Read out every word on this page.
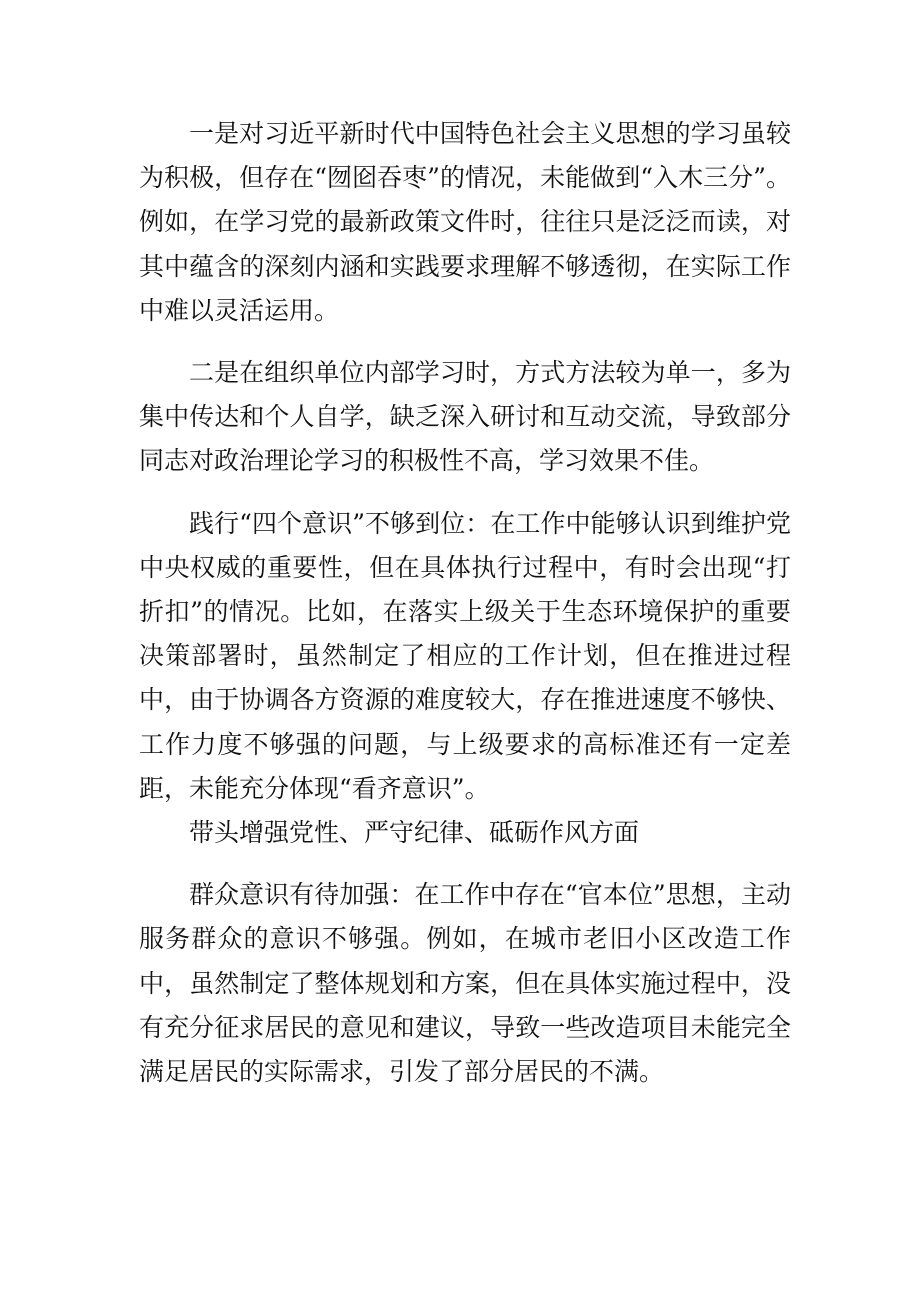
一是对习近平新时代中国特色社会主义思想的学习虽较为积极，但存在“囫囵吞枣”的情况，未能做到“入木三分”。例如，在学习党的最新政策文件时，往往只是泛泛而读，对其中蕴含的深刻内涵和实践要求理解不够透彻，在实际工作中难以灵活运用。

二是在组织单位内部学习时，方式方法较为单一，多为集中传达和个人自学，缺乏深入研讨和互动交流，导致部分同志对政治理论学习的积极性不高，学习效果不佳。

践行“四个意识”不够到位：在工作中能够认识到维护党中央权威的重要性，但在具体执行过程中，有时会出现“打折扣”的情况。比如，在落实上级关于生态环境保护的重要决策部署时，虽然制定了相应的工作计划，但在推进过程中，由于协调各方资源的难度较大，存在推进速度不够快、工作力度不够强的问题，与上级要求的高标准还有一定差距，未能充分体现“看齐意识”。

带头增强党性、严守纪律、砥砺作风方面

群众意识有待加强：在工作中存在“官本位”思想，主动服务群众的意识不够强。例如，在城市老旧小区改造工作中，虽然制定了整体规划和方案，但在具体实施过程中，没有充分征求居民的意见和建议，导致一些改造项目未能完全满足居民的实际需求，引发了部分居民的不满。
